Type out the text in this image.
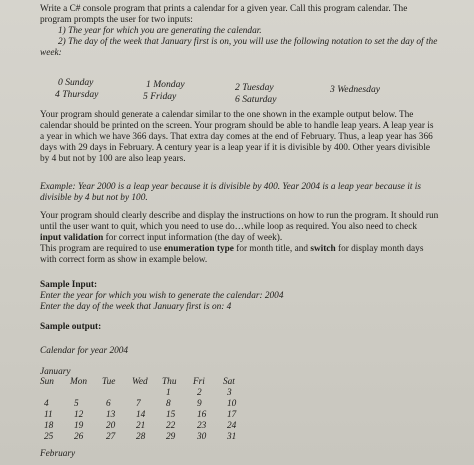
Write a C# console program that prints a calendar for a given year. Call this program calendar. The
program prompts the user for two inputs:
1) The year for which you are generating the calendar.
2) The day of the week that January first is on, you will use the following notation to set the day of the
week:
0 Sunday	1 Monday	2 Tuesday	3 Wednesday
4 Thursday	5 Friday	6 Saturday
Your program should generate a calendar similar to the one shown in the example output below. The
calendar should be printed on the screen. Your program should be able to handle leap years. A leap year is
a year in which we have 366 days. That extra day comes at the end of February. Thus, a leap year has 366
days with 29 days in February. A century year is a leap year if it is divisible by 400. Other years divisible
by 4 but not by 100 are also leap years.
Example: Year 2000 is a leap year because it is divisible by 400. Year 2004 is a leap year because it is
divisible by 4 but not by 100.
Your program should clearly describe and display the instructions on how to run the program. It should run
until the user want to quit, which you need to use do…while loop as required. You also need to check
input validation for correct input information (the day of week).
This program are required to use enumeration type for month title, and switch for display month days
with correct form as show in example below.
Sample Input:
Enter the year for which you wish to generate the calendar: 2004
Enter the day of the week that January first is on: 4
Sample output:
Calendar for year 2004
January
Sun	Mon	Tue	Wed	Thu	Fri	Sat
				1	2	3
4	5	6	7	8	9	10
11	12	13	14	15	16	17
18	19	20	21	22	23	24
25	26	27	28	29	30	31
February
